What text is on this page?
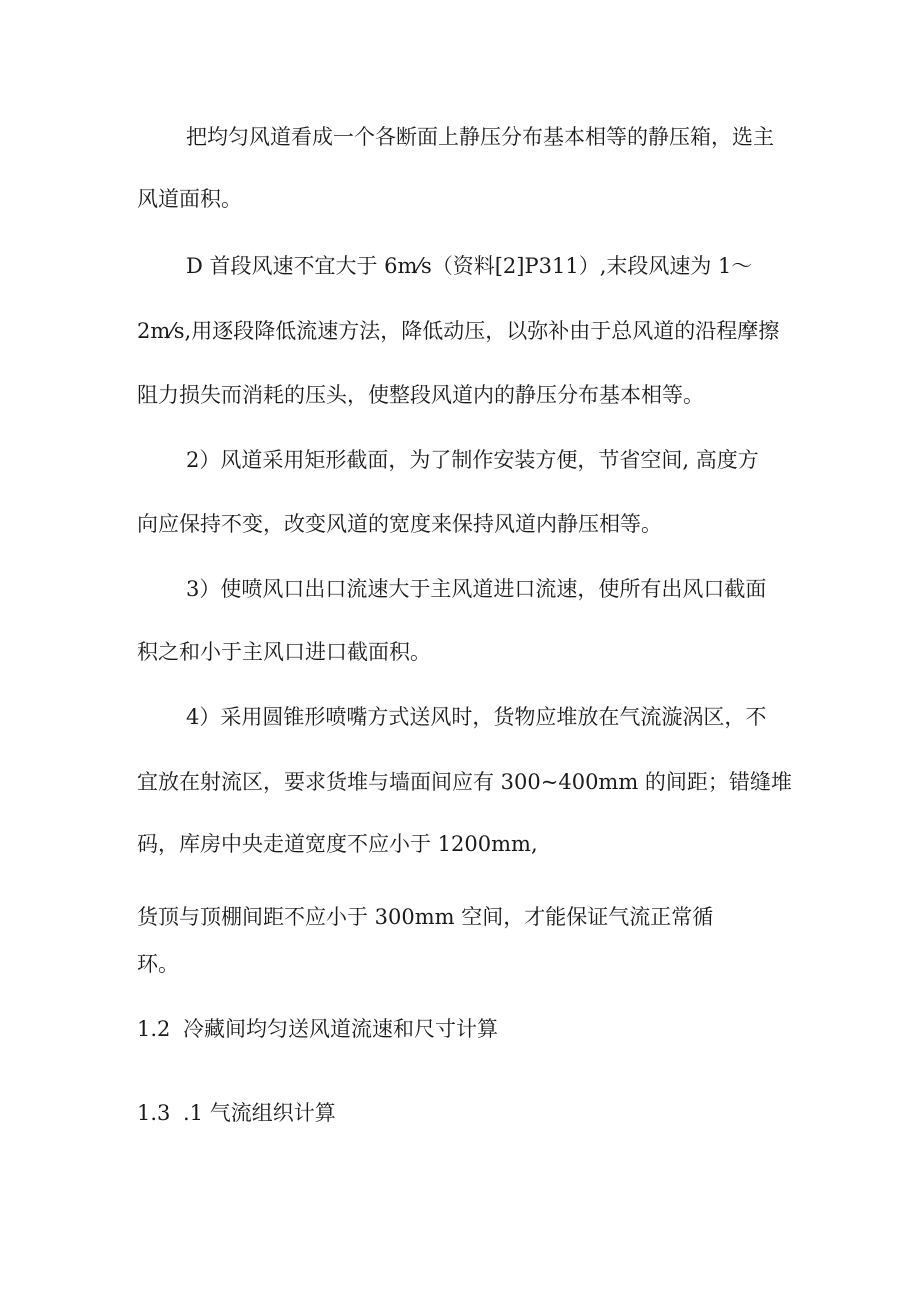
把均匀风道看成一个各断面上静压分布基本相等的静压箱，选主

风道面积。

D 首段风速不宜大于 6m⁄s（资料[2]P311）,末段风速为 1～

2m⁄s,用逐段降低流速方法，降低动压，以弥补由于总风道的沿程摩擦

阻力损失而消耗的压头，使整段风道内的静压分布基本相等。

2）风道采用矩形截面，为了制作安装方便，节省空间, 高度方

向应保持不变，改变风道的宽度来保持风道内静压相等。

3）使喷风口出口流速大于主风道进口流速，使所有出风口截面

积之和小于主风口进口截面积。

4）采用圆锥形喷嘴方式送风时，货物应堆放在气流漩涡区，不

宜放在射流区，要求货堆与墙面间应有 300~400mm 的间距；错缝堆

码，库房中央走道宽度不应小于 1200mm,

货顶与顶棚间距不应小于 300mm 空间，才能保证气流正常循

环。

1.2 冷藏间均匀送风道流速和尺寸计算
1.3 .1 气流组织计算
